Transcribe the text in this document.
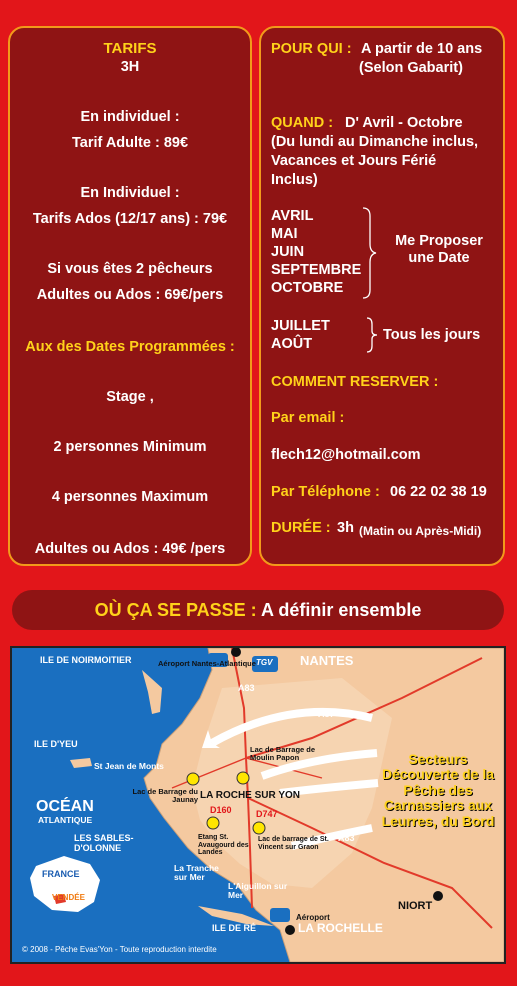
TARIFS
3H
En individuel :
Tarif Adulte : 89€
En Individuel :
Tarifs Ados (12/17 ans) : 79€
Si vous êtes 2 pêcheurs
Adultes ou Ados : 69€/pers
Aux des Dates Programmées :
Stage ,
2 personnes Minimum
4 personnes Maximum
Adultes ou Ados : 49€ /pers
POUR QUI : A partir de 10 ans
(Selon Gabarit)
QUAND : D' Avril - Octobre
(Du lundi au Dimanche inclus,
Vacances et Jours Férié
Inclus)
AVRIL
MAI
JUIN
SEPTEMBRE
OCTOBRE
Me Proposer
une Date
JUILLET
AOÛT
Tous les jours
COMMENT RESERVER :
Par email :
flech12@hotmail.com
Par Téléphone : 06 22 02 38 19
DURÉE : 3h (Matin ou Après-Midi)
OÙ ÇA SE PASSE : A définir ensemble
ILE DE NOIRMOITIER	Aéroport Nantes-Atlantique TGV NANTES
A83
A87
ILE D'YEU
St Jean de Monts
Lac de Barrage de Moulin Papon
Lac de Barrage du Jaunay LA ROCHE SUR YON
D160	D747
OCÉAN
ATLANTIQUE
Etang St. Avaugourd des Landes
Lac de barrage de St. Vincent sur Graon
LES SABLES-D'OLONNE
A83
La Tranche sur Mer
L'Aiguillon sur Mer
FRANCE
VENDÉE
Aéroport
NIORT
ILE DE RÉ	LA ROCHELLE
Secteurs Découverte de la Pêche des Carnassiers aux Leurres, du Bord
© 2008 - Pêche Evas'Yon - Toute reproduction interdite
